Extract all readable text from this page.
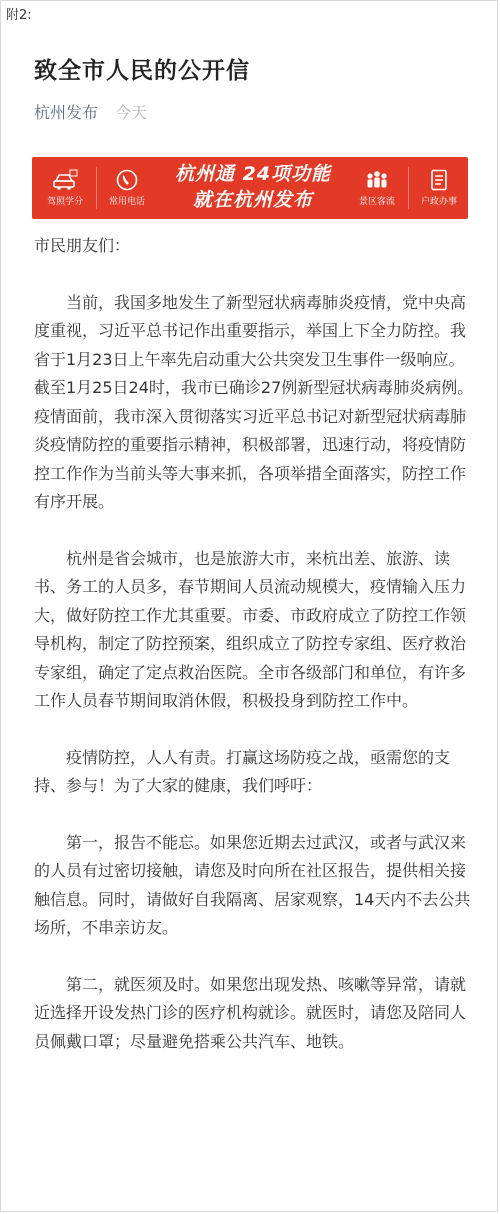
附2:
致全市人民的公开信
杭州发布 今天
驾照学分	常用电话
杭州通 24项功能
就在杭州发布	景区客流	户政办事

市民朋友们：

当前，我国多地发生了新型冠状病毒肺炎疫情，党中央高度重视，习近平总书记作出重要指示，举国上下全力防控。我省于1月23日上午率先启动重大公共突发卫生事件一级响应。截至1月25日24时，我市已确诊27例新型冠状病毒肺炎病例。疫情面前，我市深入贯彻落实习近平总书记对新型冠状病毒肺炎疫情防控的重要指示精神，积极部署，迅速行动，将疫情防控工作作为当前头等大事来抓，各项举措全面落实，防控工作有序开展。

杭州是省会城市，也是旅游大市，来杭出差、旅游、读书、务工的人员多，春节期间人员流动规模大，疫情输入压力大，做好防控工作尤其重要。市委、市政府成立了防控工作领导机构，制定了防控预案，组织成立了防控专家组、医疗救治专家组，确定了定点救治医院。全市各级部门和单位，有许多工作人员春节期间取消休假，积极投身到防控工作中。

疫情防控，人人有责。打赢这场防疫之战，亟需您的支持、参与！为了大家的健康，我们呼吁：

第一，报告不能忘。如果您近期去过武汉，或者与武汉来的人员有过密切接触，请您及时向所在社区报告，提供相关接触信息。同时，请做好自我隔离、居家观察，14天内不去公共场所，不串亲访友。

第二，就医须及时。如果您出现发热、咳嗽等异常，请就近选择开设发热门诊的医疗机构就诊。就医时，请您及陪同人员佩戴口罩；尽量避免搭乘公共汽车、地铁。
